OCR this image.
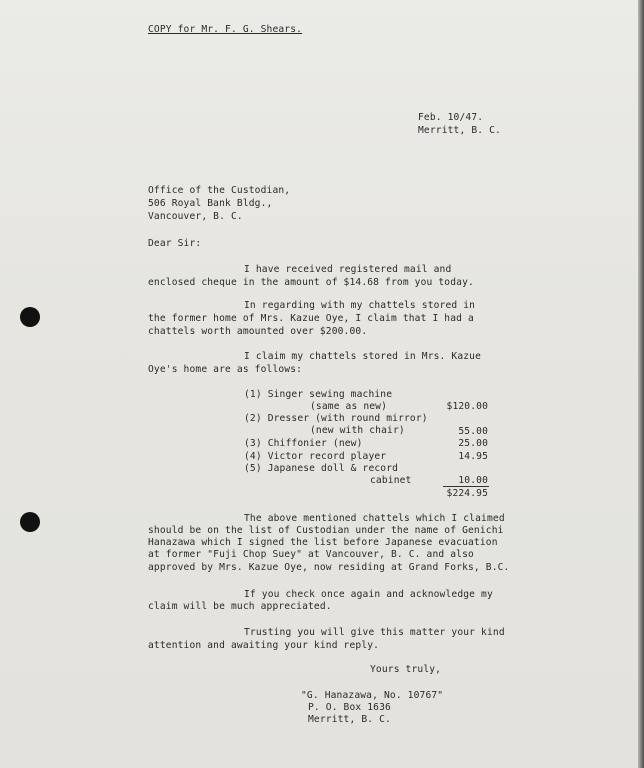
COPY for Mr. F. G. Shears.
Feb. 10/47.
Merritt, B. C.
Office of the Custodian,
506 Royal Bank Bldg.,
Vancouver, B. C.
Dear Sir:
I have received registered mail and
enclosed cheque in the amount of $14.68 from you today.
In regarding with my chattels stored in
the former home of Mrs. Kazue Oye, I claim that I had a
chattels worth amounted over $200.00.
I claim my chattels stored in Mrs. Kazue
Oye's home are as follows:
(1) Singer sewing machine
(same as new)	$120.00
(2) Dresser (with round mirror)
(new with chair)	55.00
(3) Chiffonier (new)	25.00
(4) Victor record player	14.95
(5) Japanese doll & record
cabinet	10.00
$224.95
The above mentioned chattels which I claimed
should be on the list of Custodian under the name of Genichi
Hanazawa which I signed the list before Japanese evacuation
at former "Fuji Chop Suey" at Vancouver, B. C. and also
approved by Mrs. Kazue Oye, now residing at Grand Forks, B.C.
If you check once again and acknowledge my
claim will be much appreciated.
Trusting you will give this matter your kind
attention and awaiting your kind reply.
Yours truly,
"G. Hanazawa, No. 10767"
P. O. Box 1636
Merritt, B. C.
